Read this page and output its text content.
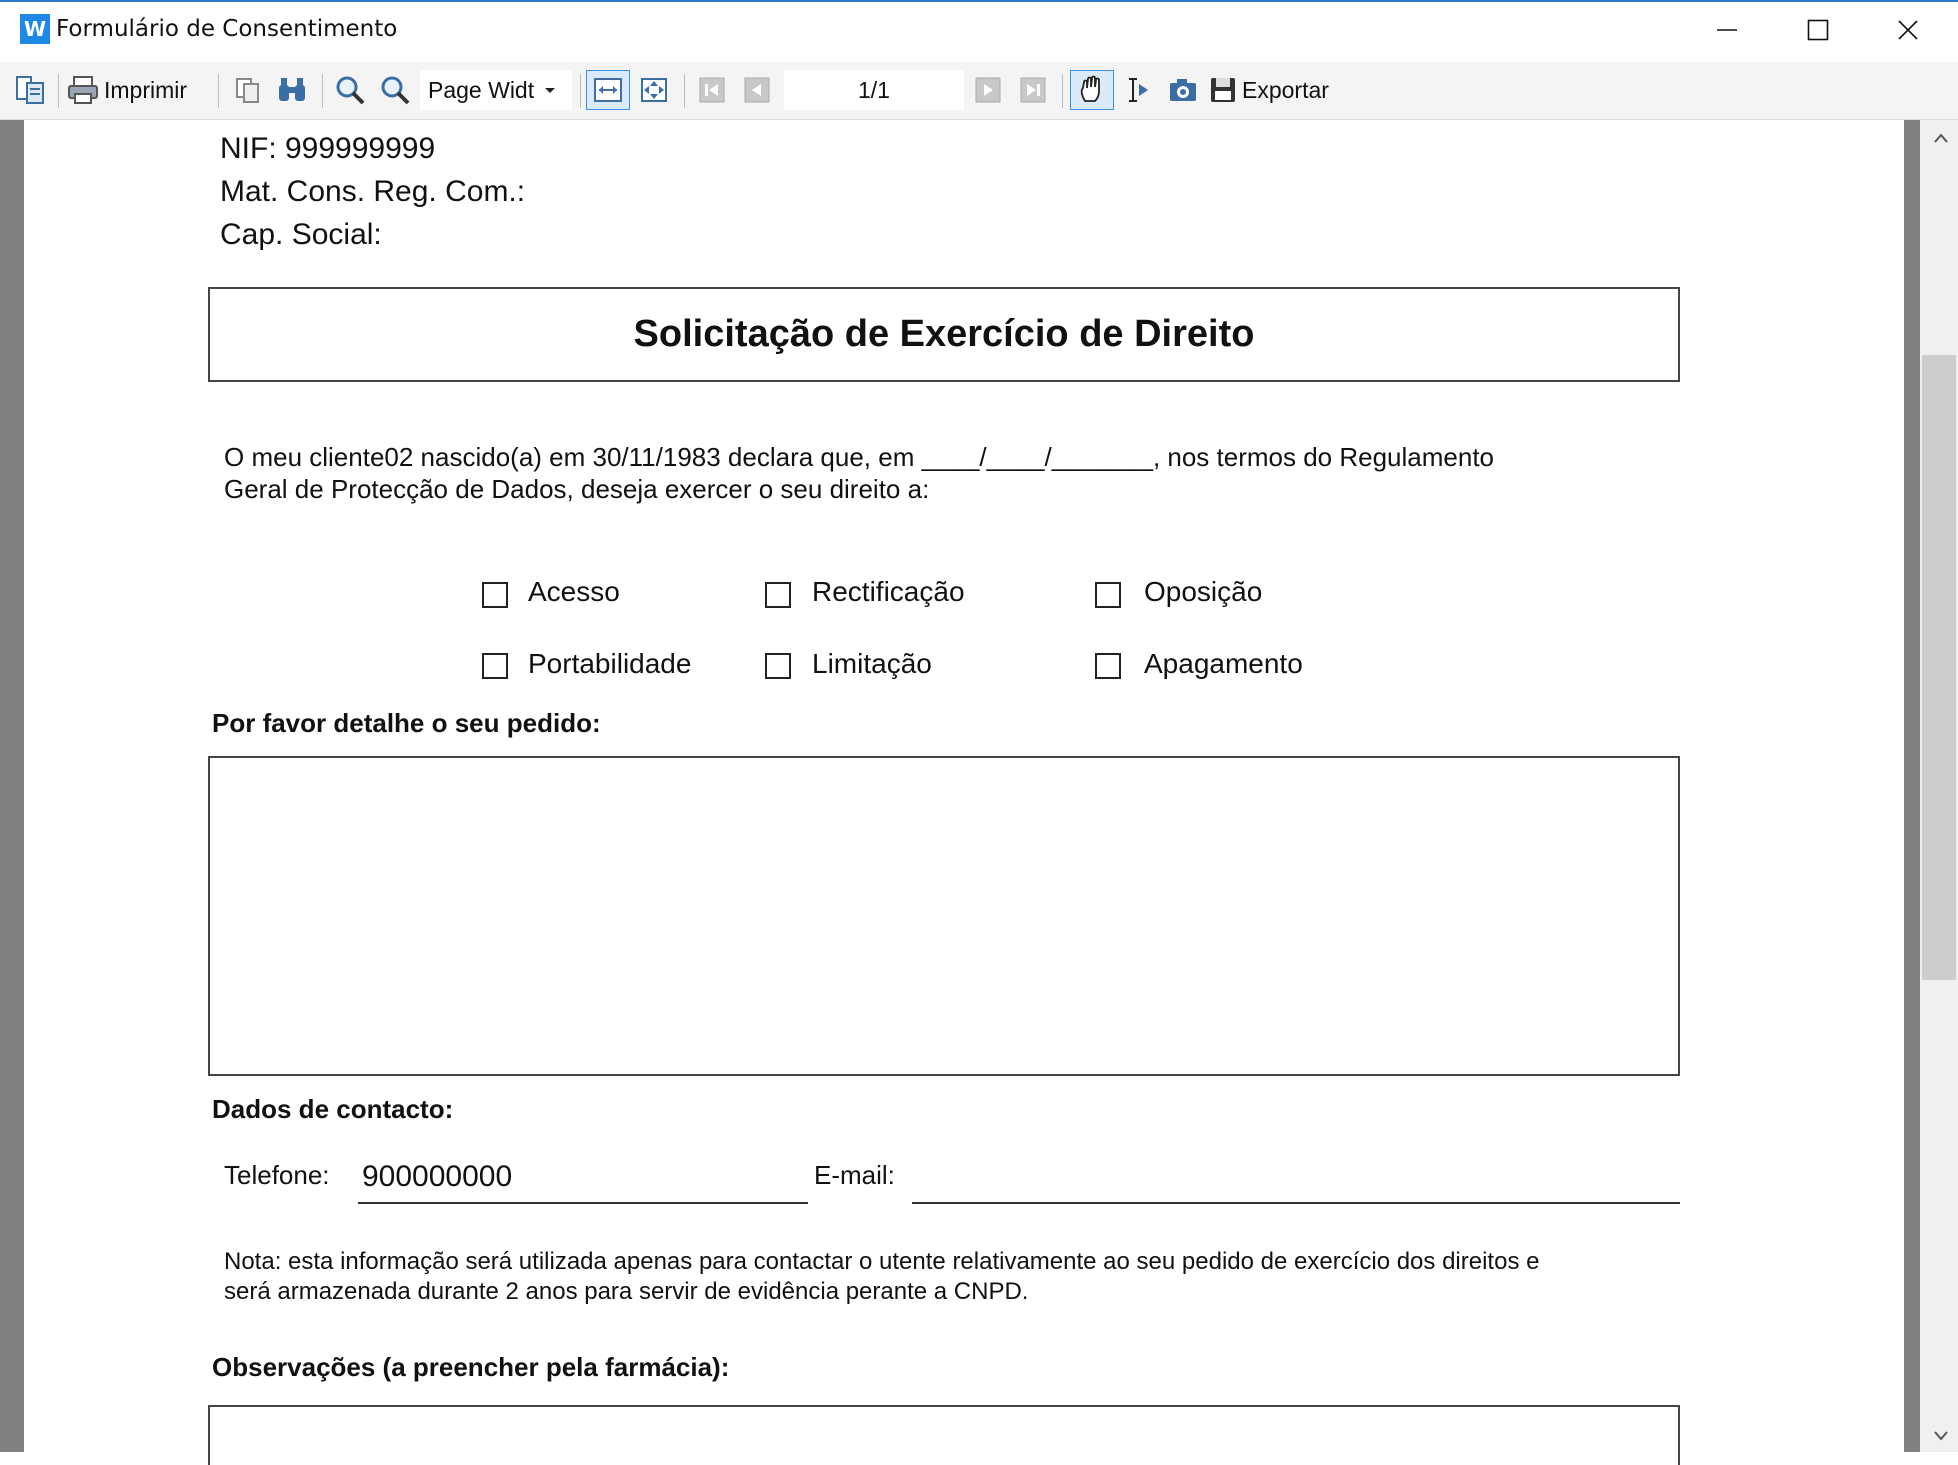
W Formulário de Consentimento
Imprimir	Page Widt	1/1	Exportar
NIF: 999999999
Mat. Cons. Reg. Com.:
Cap. Social:
Solicitação de Exercício de Direito
O meu cliente02 nascido(a) em 30/11/1983 declara que, em ____/____/_______, nos termos do Regulamento
Geral de Protecção de Dados, deseja exercer o seu direito a:
Acesso	Rectificação	Oposição
Portabilidade	Limitação	Apagamento
Por favor detalhe o seu pedido:
Dados de contacto:
Telefone: 900000000	E-mail:
Nota: esta informação será utilizada apenas para contactar o utente relativamente ao seu pedido de exercício dos direitos e
será armazenada durante 2 anos para servir de evidência perante a CNPD.
Observações (a preencher pela farmácia):
